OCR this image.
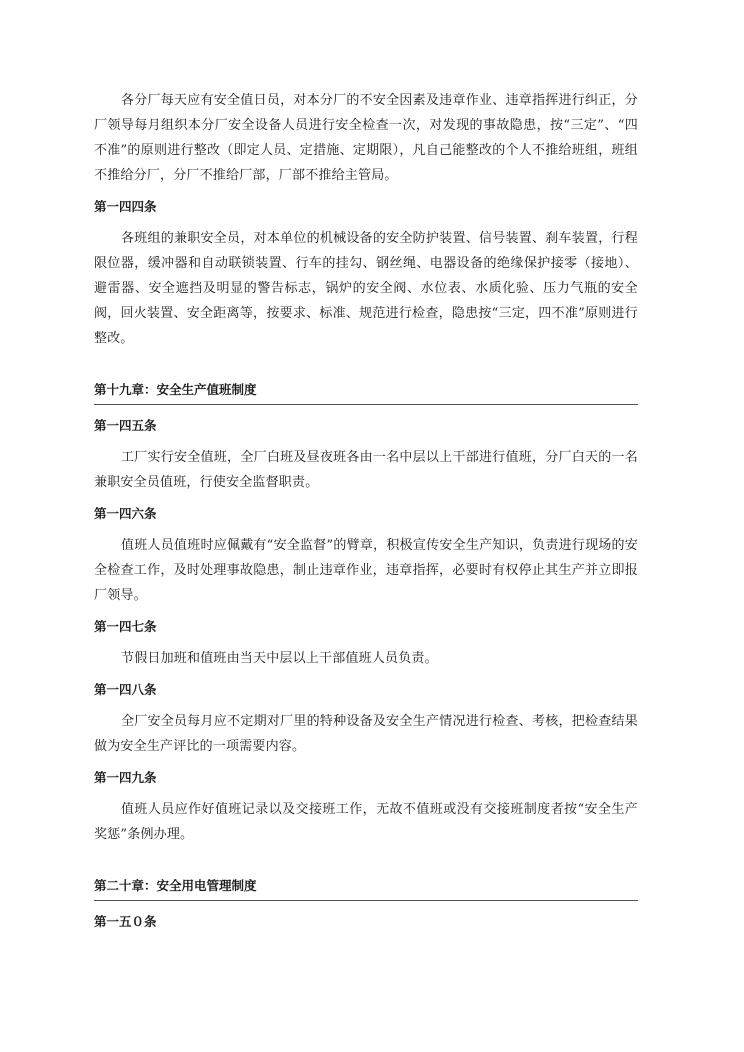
各分厂每天应有安全值日员，对本分厂的不安全因素及违章作业、违章指挥进行纠正，分厂领导每月组织本分厂安全设备人员进行安全检查一次，对发现的事故隐患，按“三定”、“四不准”的原则进行整改（即定人员、定措施、定期限），凡自己能整改的个人不推给班组，班组不推给分厂，分厂不推给厂部，厂部不推给主管局。

第一四四条

各班组的兼职安全员，对本单位的机械设备的安全防护装置、信号装置、刹车装置，行程限位器，缓冲器和自动联锁装置、行车的挂勾、钢丝绳、电器设备的绝缘保护接零（接地）、避雷器、安全遮挡及明显的警告标志，锅炉的安全阀、水位表、水质化验、压力气瓶的安全阀，回火装置、安全距离等，按要求、标准、规范进行检查，隐患按“三定，四不准”原则进行整改。

第十九章：安全生产值班制度

第一四五条

工厂实行安全值班，全厂白班及昼夜班各由一名中层以上干部进行值班，分厂白天的一名兼职安全员值班，行使安全监督职责。

第一四六条

值班人员值班时应佩戴有“安全监督”的臂章，积极宣传安全生产知识，负责进行现场的安全检查工作，及时处理事故隐患，制止违章作业，违章指挥，必要时有权停止其生产并立即报厂领导。

第一四七条

节假日加班和值班由当天中层以上干部值班人员负责。

第一四八条

全厂安全员每月应不定期对厂里的特种设备及安全生产情况进行检查、考核，把检查结果做为安全生产评比的一项需要内容。

第一四九条

值班人员应作好值班记录以及交接班工作，无故不值班或没有交接班制度者按“安全生产奖惩”条例办理。

第二十章：安全用电管理制度

第一五０条
